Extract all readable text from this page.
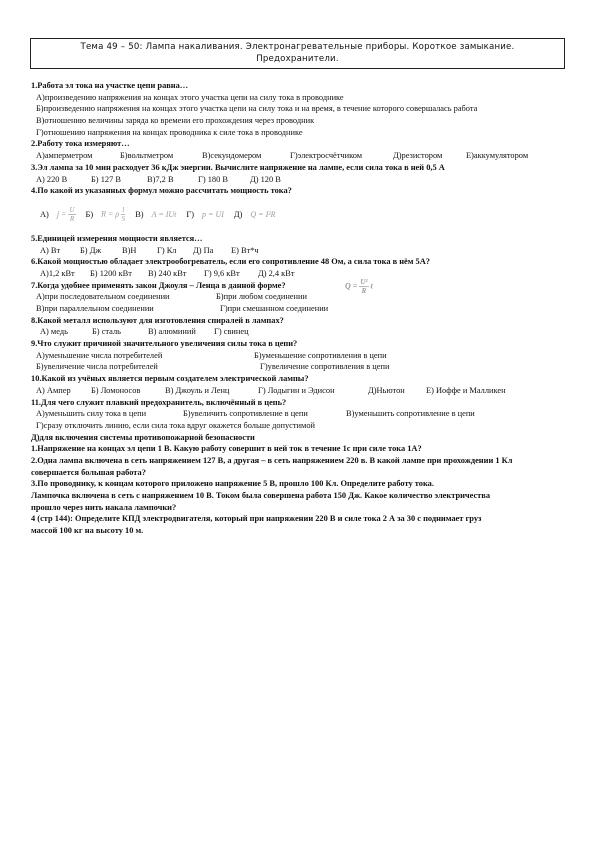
Тема 49 – 50: Лампа накаливания. Электронагревательные приборы. Короткое замыкание.
Предохранители.
1.Работа эл тока на участке цепи равна…
А)произведению напряжения на концах этого участка цепи на силу тока в проводнике
Б)произведению напряжения на концах этого участка цепи на силу тока и на время, в течение которого совершалась работа
В)отношению величины заряда ко времени его прохождения через проводник
Г)отношению напряжения на концах проводника к силе тока в проводнике
2.Работу тока измеряют…
А)амперметром	Б)вольтметром	В)секундомером	Г)электросчётчиком	Д)резистором	Е)аккумулятором
3.Эл лампа за 10 мин расходует 36 кДж энергии. Вычислите напряжение на лампе, если сила тока в ней 0,5 А
А) 220 В	Б) 127 В	В)7,2 В	Г) 180 В	Д) 120 В
4.По какой из указанных формул можно рассчитать мощность тока?
А) $j = \frac{U}{R} Б$) R = ρ $\frac{l}{S} В$) A = IUt Г) p = UI Д) Q = I²R
5.Единицей измерения мощности является…
А) Вт	Б) Дж	В)Н	Г) Кл	Д) Па	Е) Вт*ч
6.Какой мощностью обладает электрообогреватель, если его сопротивление 48 Ом, а сила тока в нём 5А?
А)1,2 кВт	Б) 1200 кВт	В) 240 кВт	Г) 9,6 кВт	Д) 2,4 кВт
7.Когда удобнее применять закон Джоуля – Ленца в данной форме?	$Q = \frac{\text{U²}}{R}$ t
А)при последовательном соединении	Б)при любом соединении
В)при параллельном соединении	Г)при смешанном соединении
8.Какой металл используют для изготовления спиралей в лампах?
А) медь	Б) сталь	В) алюминий	Г) свинец
9.Что служит причиной значительного увеличения силы тока в цепи?
А)уменьшение числа потребителей	Б)уменьшение сопротивления в цепи
Б)увеличение числа потребителей	Г)увеличение сопротивления в цепи
10.Какой из учёных является первым создателем электрической лампы?
А) Ампер	Б) Ломоносов	В) Джоуль и Ленц	Г) Лодыгин и Эдисон	Д)Ньютон	Е) Иоффе и Малликен
11.Для чего служит плавкий предохранитель, включённый в цепь?
А)уменьшить силу тока в цепи	Б)увеличить сопротивление в цепи	В)уменьшить сопротивление в цепи
Г)сразу отключить линию, если сила тока вдруг окажется больше допустимой
Д)для включения системы противопожарной безопасности
1.Напряжение на концах эл цепи 1 В. Какую работу совершит в ней ток в течение 1с при силе тока 1А?
2.Одна лампа включена в сеть напряжением 127 В, а другая – в сеть напряжением 220 в. В какой лампе при прохождении 1 Кл
совершается большая работа?
3.По проводнику, к концам которого приложено напряжение 5 В, прошло 100 Кл. Определите работу тока.
Лампочка включена в сеть с напряжением 10 В. Током была совершена работа 150 Дж. Какое количество электричества
прошло через нить накала лампочки?
4 (стр 144): Определите КПД электродвигателя, который при напряжении 220 В и силе тока 2 А за 30 с поднимает груз
массой 100 кг на высоту 10 м.
